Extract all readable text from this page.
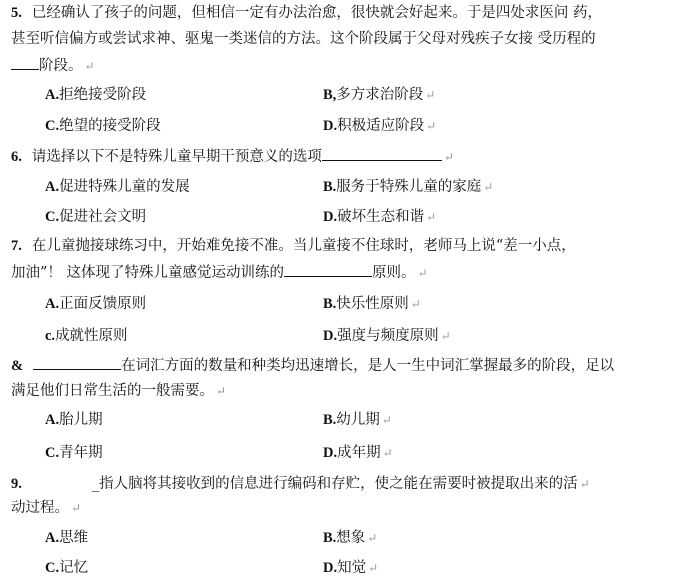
5. 已经确认了孩子的问题，但相信一定有办法治愈，很快就会好起来。于是四处求医问 药，
甚至听信偏方或尝试求神、驱鬼一类迷信的方法。这个阶段属于父母对残疾子女接 受历程的
阶段。 ↵
A.拒绝接受阶段	B,多方求治阶段 ↵
C.绝望的接受阶段	D.积极适应阶段 ↵
6. 请选择以下不是特殊儿童早期干预意义的选项	↵
A.促进特殊儿童的发展	B.服务于特殊儿童的家庭 ↵
C.促进社会文明	D.破坏生态和谐 ↵
7. 在儿童抛接球练习中，开始难免接不准。当儿童接不住球时，老师马上说“差一小点，
加油”！ 这体现了特殊儿童感觉运动训练的	原则。 ↵
A.正面反馈原则	B.快乐性原则 ↵
c.成就性原则	D.强度与频度原则 ↵
&	在词汇方面的数量和种类均迅速增长，是人一生中词汇掌握最多的阶段，足以
满足他们日常生活的一般需要。 ↵
A.胎儿期	B.幼儿期 ↵
C.青年期	D.成年期 ↵
9.	_指人脑将其接收到的信息进行编码和存贮，使之能在需要时被提取出来的活 ↵
动过程。 ↵
A.思维	B.想象 ↵
C.记忆	D.知觉 ↵
